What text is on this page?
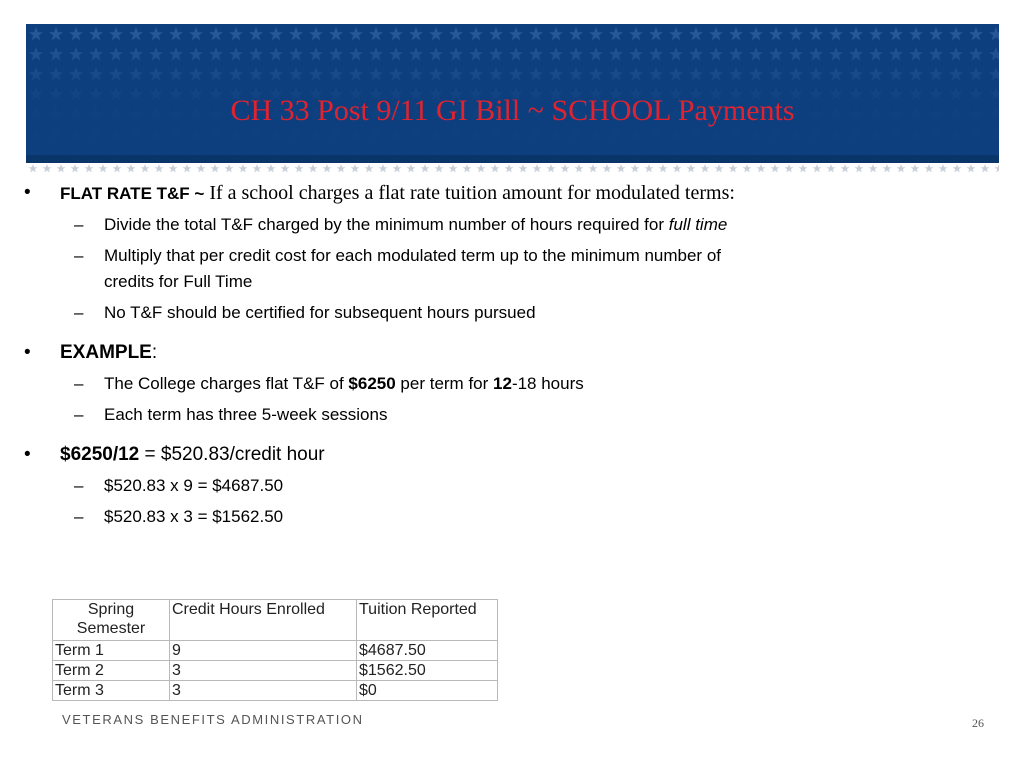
CH 33 Post 9/11 GI Bill ~ SCHOOL Payments
• FLAT RATE T&F ~ If a school charges a flat rate tuition amount for modulated terms:
– Divide the total T&F charged by the minimum number of hours required for full time
– Multiply that per credit cost for each modulated term up to the minimum number of
credits for Full Time
– No T&F should be certified for subsequent hours pursued
• EXAMPLE:
– The College charges flat T&F of $6250 per term for 12-18 hours
– Each term has three 5-week sessions
• $6250/12 = $520.83/credit hour
– $520.83 x 9 = $4687.50
– $520.83 x 3 = $1562.50
Spring Semester	Credit Hours Enrolled	Tuition Reported
Term 1	9	$4687.50
Term 2	3	$1562.50
Term 3	3	$0
VETERANS BENEFITS ADMINISTRATION	26
